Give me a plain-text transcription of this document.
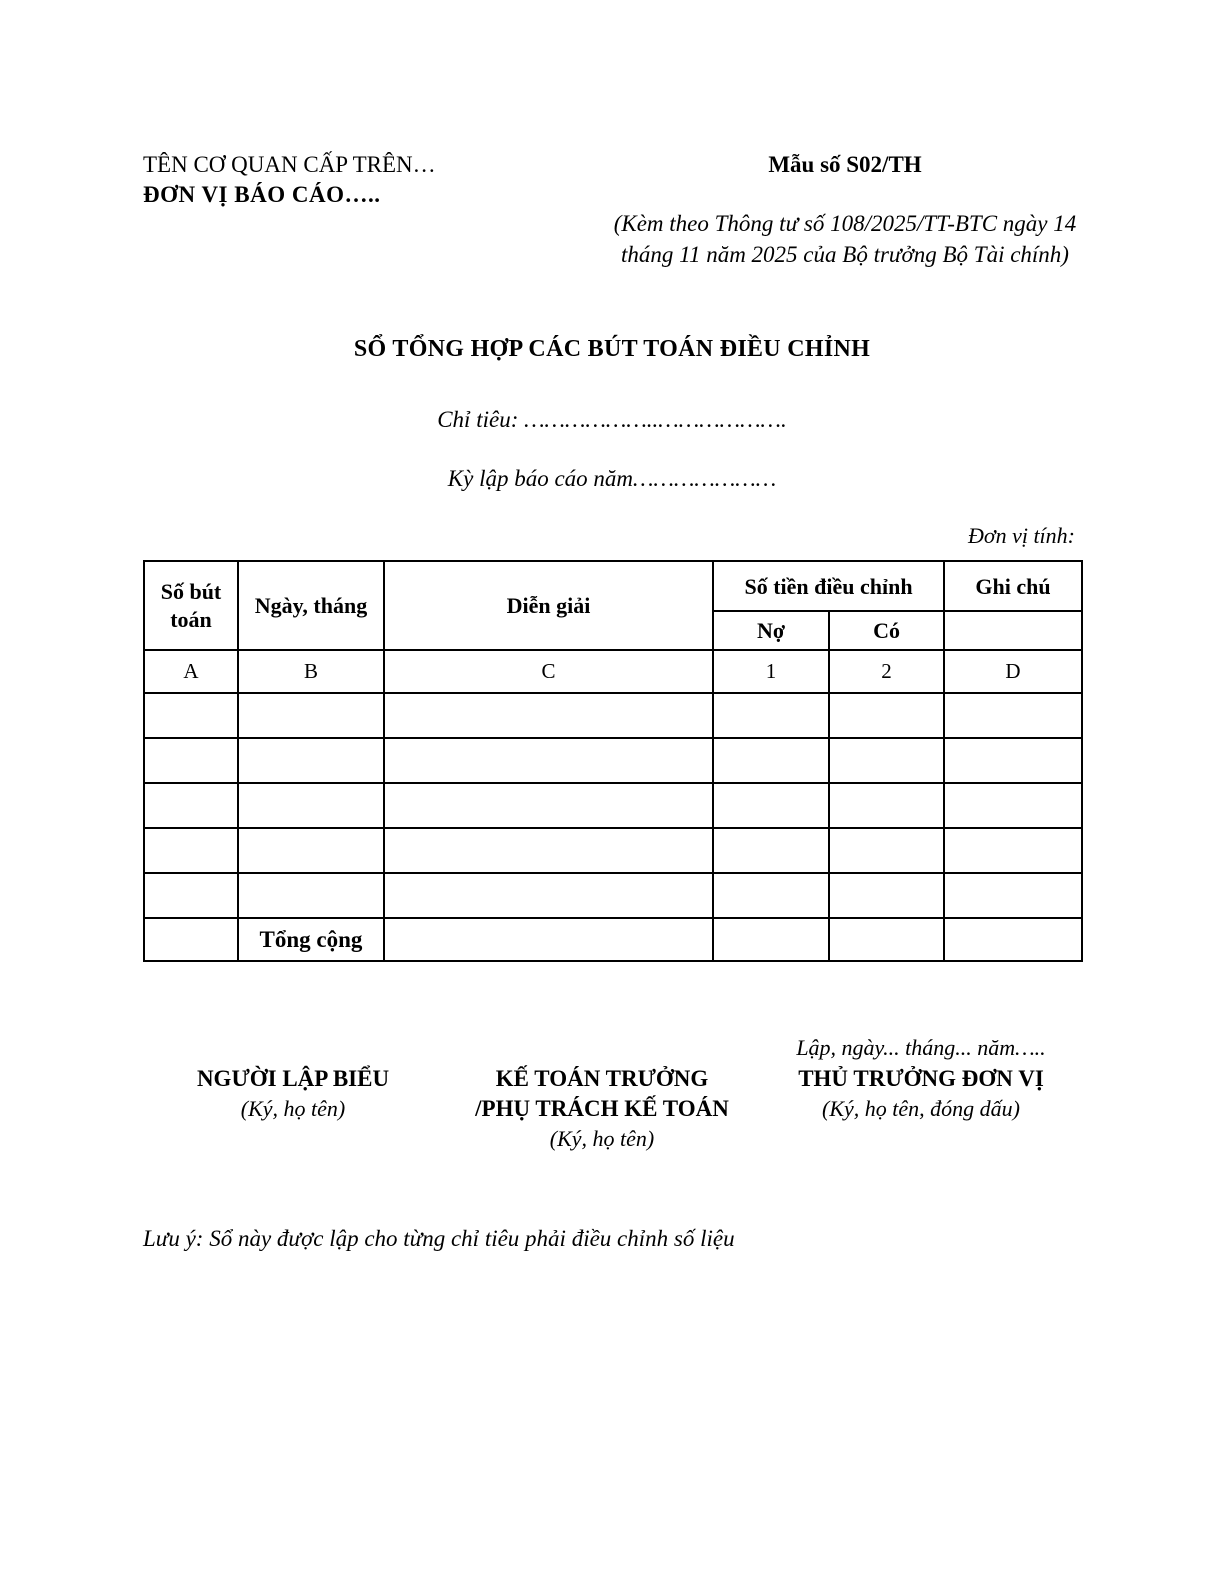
TÊN CƠ QUAN CẤP TRÊN…
ĐƠN VỊ BÁO CÁO…..
Mẫu số S02/TH
(Kèm theo Thông tư số 108/2025/TT-BTC ngày 14 tháng 11 năm 2025 của Bộ trưởng Bộ Tài chính)
SỔ TỔNG HỢP CÁC BÚT TOÁN ĐIỀU CHỈNH
Chỉ tiêu: ………………..……………….
Kỳ lập báo cáo năm…………………
Đơn vị tính:
Số bút toán	Ngày, tháng	Diễn giải	Số tiền điều chỉnh		Ghi chú
			Nợ	Có	
A	B	C	1	2	D

	Tổng cộng				
NGƯỜI LẬP BIỂU
(Ký, họ tên)
KẾ TOÁN TRƯỞNG
/PHỤ TRÁCH KẾ TOÁN
(Ký, họ tên)
Lập, ngày... tháng... năm…..
THỦ TRƯỞNG ĐƠN VỊ
(Ký, họ tên, đóng dấu)
Lưu ý: Sổ này được lập cho từng chỉ tiêu phải điều chỉnh số liệu
